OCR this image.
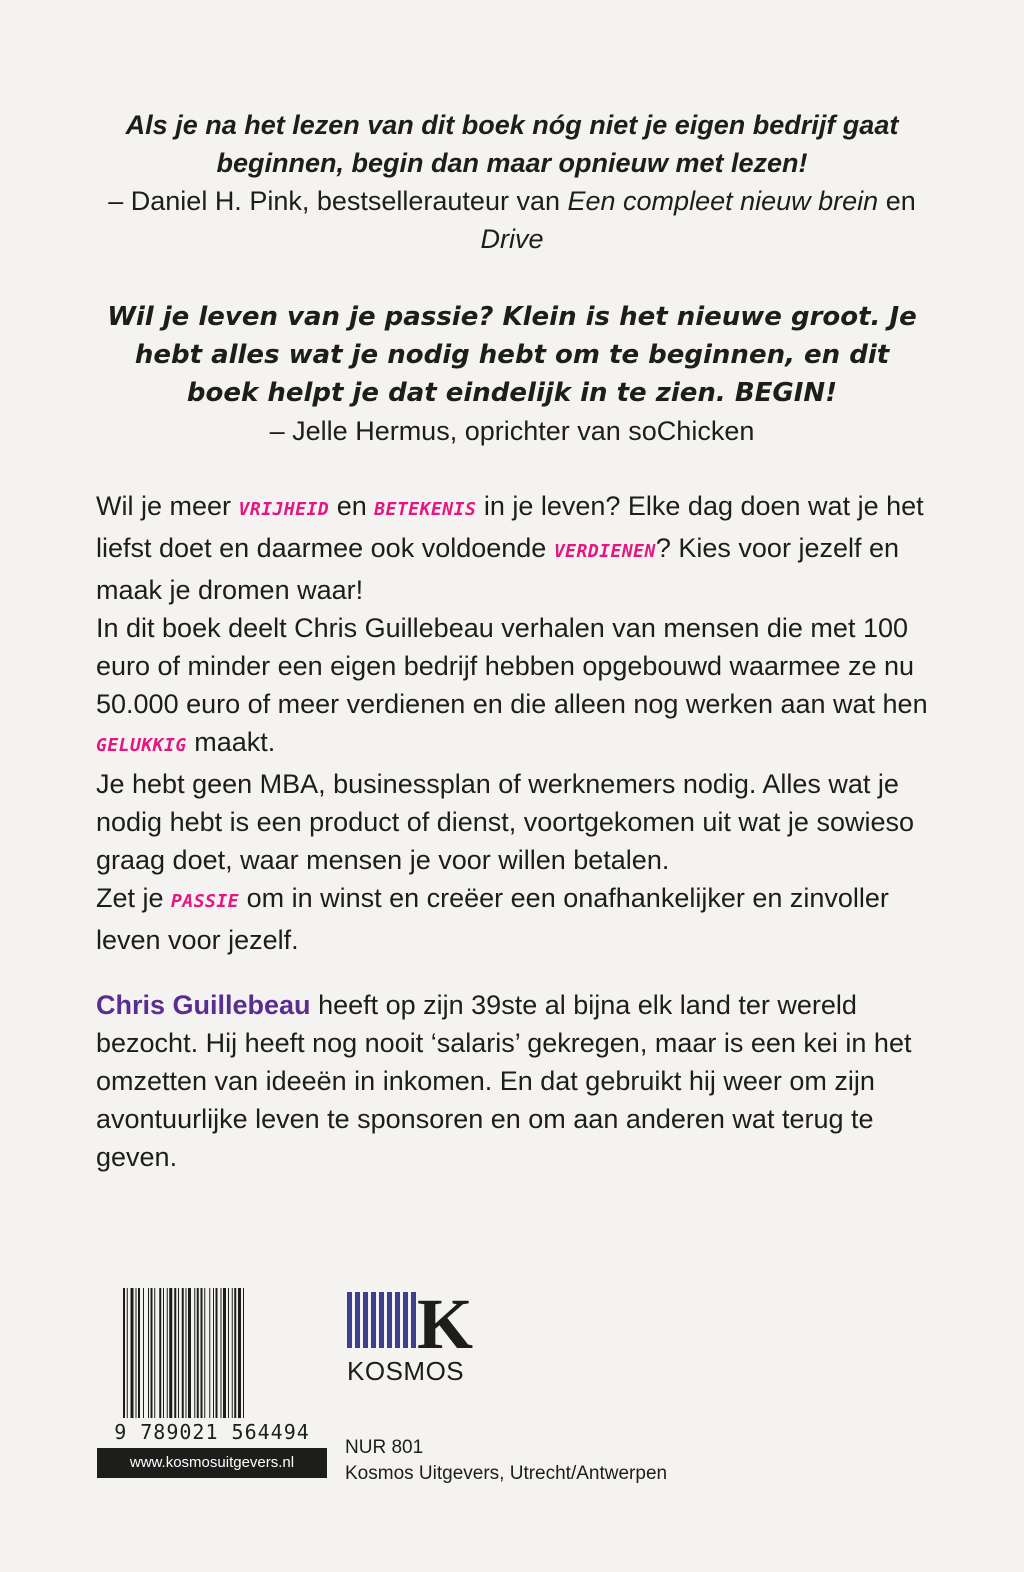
Als je na het lezen van dit boek nóg niet je eigen bedrijf gaat beginnen, begin dan maar opnieuw met lezen!
– Daniel H. Pink, bestsellerauteur van Een compleet nieuw brein en Drive
Wil je leven van je passie? Klein is het nieuwe groot. Je hebt alles wat je nodig hebt om te beginnen, en dit boek helpt je dat eindelijk in te zien. BEGIN!
– Jelle Hermus, oprichter van soChicken

Wil je meer VRIJHEID en BETEKENIS in je leven? Elke dag doen wat je het liefst doet en daarmee ook voldoende VERDIENEN? Kies voor jezelf en maak je dromen waar!

In dit boek deelt Chris Guillebeau verhalen van mensen die met 100 euro of minder een eigen bedrijf hebben opgebouwd waarmee ze nu 50.000 euro of meer verdienen en die alleen nog werken aan wat hen GELUKKIG maakt.

Je hebt geen MBA, businessplan of werknemers nodig. Alles wat je nodig hebt is een product of dienst, voortgekomen uit wat je sowieso graag doet, waar mensen je voor willen betalen.

Zet je PASSIE om in winst en creëer een onafhankelijker en zinvoller leven voor jezelf.

Chris Guillebeau heeft op zijn 39ste al bijna elk land ter wereld bezocht. Hij heeft nog nooit ‘salaris’ gekregen, maar is een kei in het omzetten van ideeën in inkomen. En dat gebruikt hij weer om zijn avontuurlijke leven te sponsoren en om aan anderen wat terug te geven.

9 789021 564494
www.kosmosuitgevers.nl
K
KOSMOS
NUR 801
Kosmos Uitgevers, Utrecht/Antwerpen
